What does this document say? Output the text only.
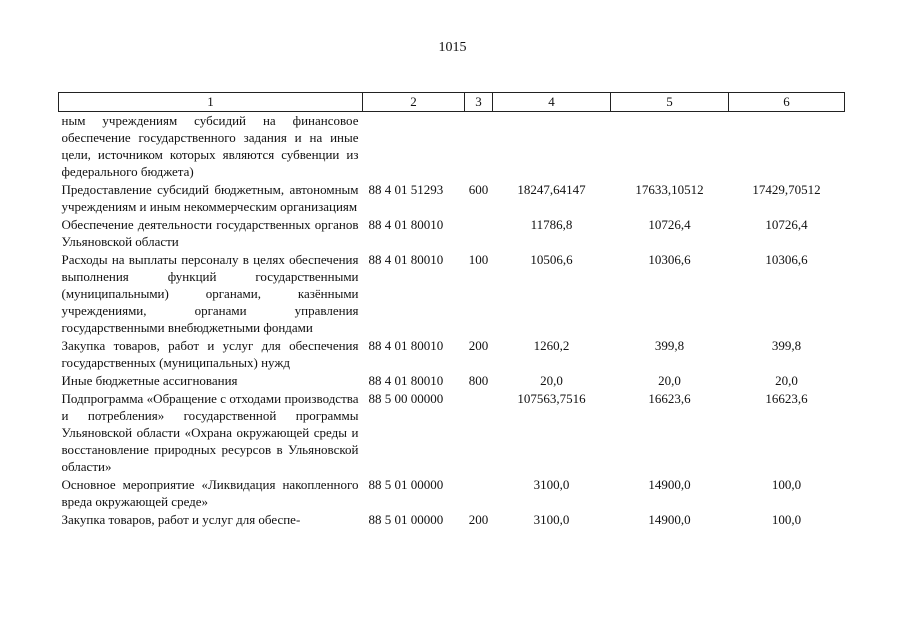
1015
1	2	3	4	5	6
ным учреждениям субсидий на финансовое обеспечение государственного задания и на иные цели, источником которых являются субвенции из федерального бюджета)					
Предоставление субсидий бюджетным, автономным учреждениям и иным некоммерческим организациям	88 4 01 51293	600	18247,64147	17633,10512	17429,70512
Обеспечение деятельности государственных органов Ульяновской области	88 4 01 80010		11786,8	10726,4	10726,4
Расходы на выплаты персоналу в целях обеспечения выполнения функций государственными (муниципальными) органами, казёнными учреждениями, органами управления государственными внебюджетными фондами	88 4 01 80010	100	10506,6	10306,6	10306,6
Закупка товаров, работ и услуг для обеспечения государственных (муниципальных) нужд	88 4 01 80010	200	1260,2	399,8	399,8
Иные бюджетные ассигнования	88 4 01 80010	800	20,0	20,0	20,0
Подпрограмма «Обращение с отходами производства и потребления» государственной программы Ульяновской области «Охрана окружающей среды и восстановление природных ресурсов в Ульяновской области»	88 5 00 00000		107563,7516	16623,6	16623,6
Основное мероприятие «Ликвидация накопленного вреда окружающей среде»	88 5 01 00000		3100,0	14900,0	100,0
Закупка товаров, работ и услуг для обеспе-	88 5 01 00000	200	3100,0	14900,0	100,0
